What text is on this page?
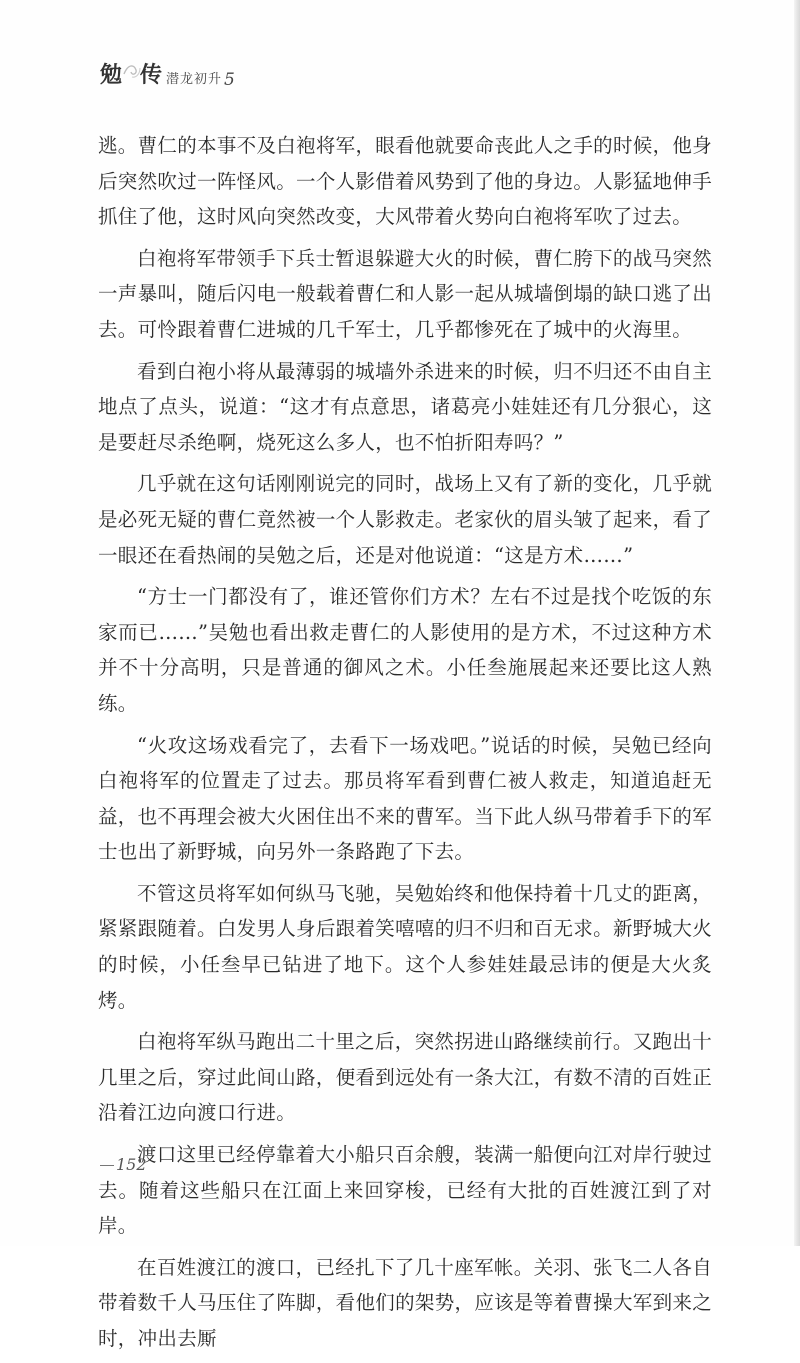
勉 传 潜龙初升 5

逃。曹仁的本事不及白袍将军，眼看他就要命丧此人之手的时候，他身后突然吹过一阵怪风。一个人影借着风势到了他的身边。人影猛地伸手抓住了他，这时风向突然改变，大风带着火势向白袍将军吹了过去。

白袍将军带领手下兵士暂退躲避大火的时候，曹仁胯下的战马突然一声暴叫，随后闪电一般载着曹仁和人影一起从城墙倒塌的缺口逃了出去。可怜跟着曹仁进城的几千军士，几乎都惨死在了城中的火海里。

看到白袍小将从最薄弱的城墙外杀进来的时候，归不归还不由自主地点了点头，说道：“这才有点意思，诸葛亮小娃娃还有几分狠心，这是要赶尽杀绝啊，烧死这么多人，也不怕折阳寿吗？”

几乎就在这句话刚刚说完的同时，战场上又有了新的变化，几乎就是必死无疑的曹仁竟然被一个人影救走。老家伙的眉头皱了起来，看了一眼还在看热闹的吴勉之后，还是对他说道：“这是方术……”

“方士一门都没有了，谁还管你们方术？左右不过是找个吃饭的东家而已……”吴勉也看出救走曹仁的人影使用的是方术，不过这种方术并不十分高明，只是普通的御风之术。小任叁施展起来还要比这人熟练。

“火攻这场戏看完了，去看下一场戏吧。”说话的时候，吴勉已经向白袍将军的位置走了过去。那员将军看到曹仁被人救走，知道追赶无益，也不再理会被大火困住出不来的曹军。当下此人纵马带着手下的军士也出了新野城，向另外一条路跑了下去。

不管这员将军如何纵马飞驰，吴勉始终和他保持着十几丈的距离，紧紧跟随着。白发男人身后跟着笑嘻嘻的归不归和百无求。新野城大火的时候，小任叁早已钻进了地下。这个人参娃娃最忌讳的便是大火炙烤。

白袍将军纵马跑出二十里之后，突然拐进山路继续前行。又跑出十几里之后，穿过此间山路，便看到远处有一条大江，有数不清的百姓正沿着江边向渡口行进。

渡口这里已经停靠着大小船只百余艘，装满一船便向江对岸行驶过去。随着这些船只在江面上来回穿梭，已经有大批的百姓渡江到了对岸。

在百姓渡江的渡口，已经扎下了几十座军帐。关羽、张飞二人各自带着数千人马压住了阵脚，看他们的架势，应该是等着曹操大军到来之时，冲出去厮

152
